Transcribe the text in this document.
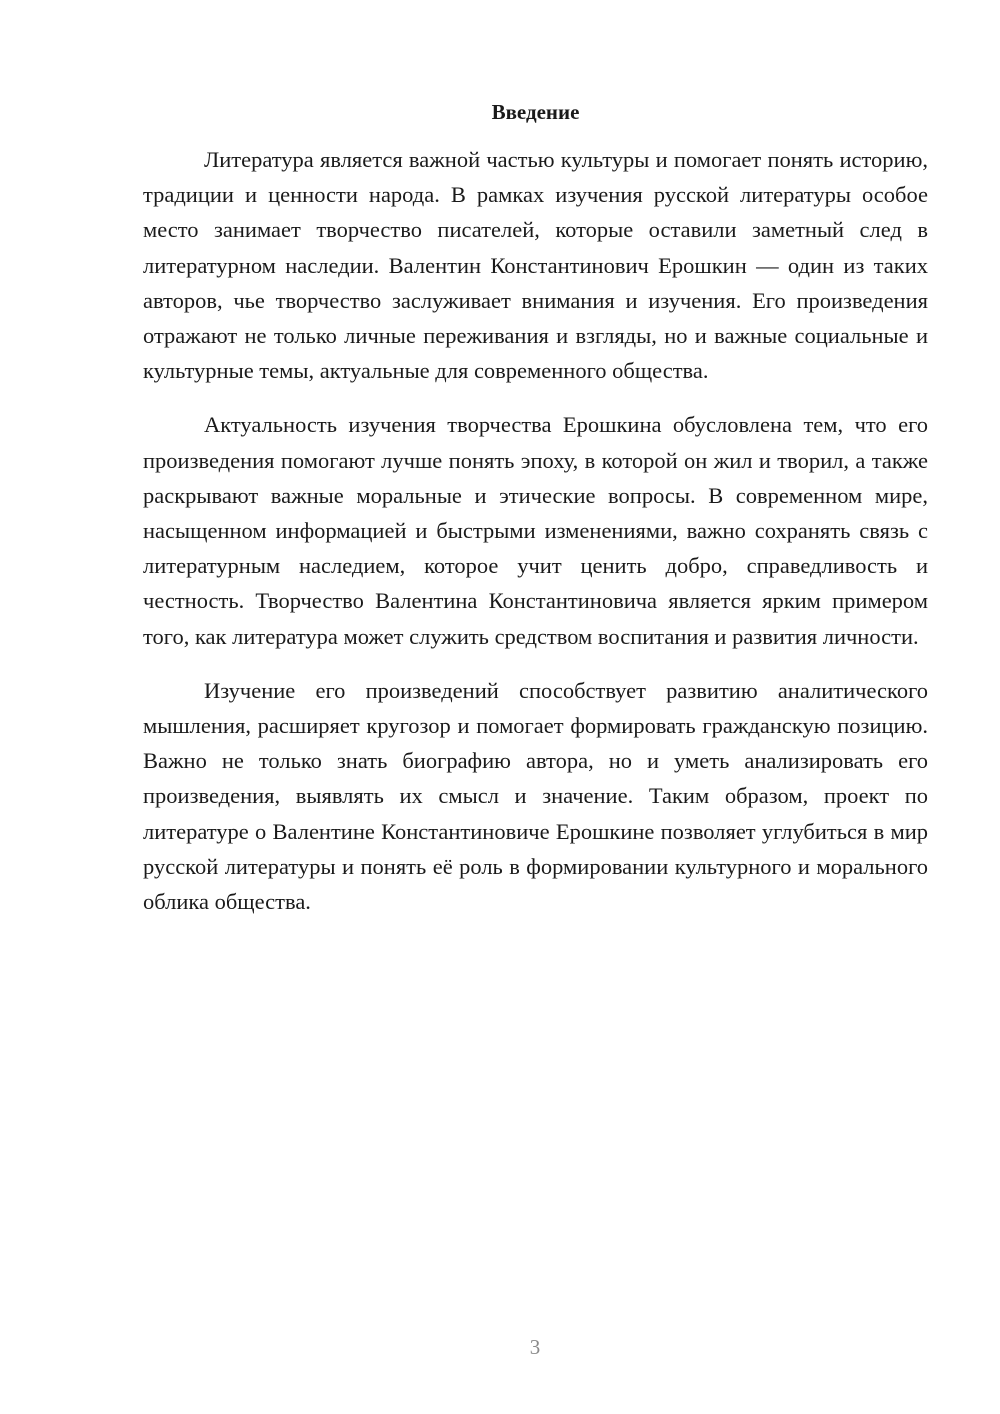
Введение

Литература является важной частью культуры и помогает понять историю, традиции и ценности народа. В рамках изучения русской литературы особое место занимает творчество писателей, которые оставили заметный след в литературном наследии. Валентин Константинович Ерошкин — один из таких авторов, чье творчество заслуживает внимания и изучения. Его произведения отражают не только личные переживания и взгляды, но и важные социальные и культурные темы, актуальные для современного общества.

Актуальность изучения творчества Ерошкина обусловлена тем, что его произведения помогают лучше понять эпоху, в которой он жил и творил, а также раскрывают важные моральные и этические вопросы. В современном мире, насыщенном информацией и быстрыми изменениями, важно сохранять связь с литературным наследием, которое учит ценить добро, справедливость и честность. Творчество Валентина Константиновича является ярким примером того, как литература может служить средством воспитания и развития личности.

Изучение его произведений способствует развитию аналитического мышления, расширяет кругозор и помогает формировать гражданскую позицию. Важно не только знать биографию автора, но и уметь анализировать его произведения, выявлять их смысл и значение. Таким образом, проект по литературе о Валентине Константиновиче Ерошкине позволяет углубиться в мир русской литературы и понять её роль в формировании культурного и морального облика общества.

3
